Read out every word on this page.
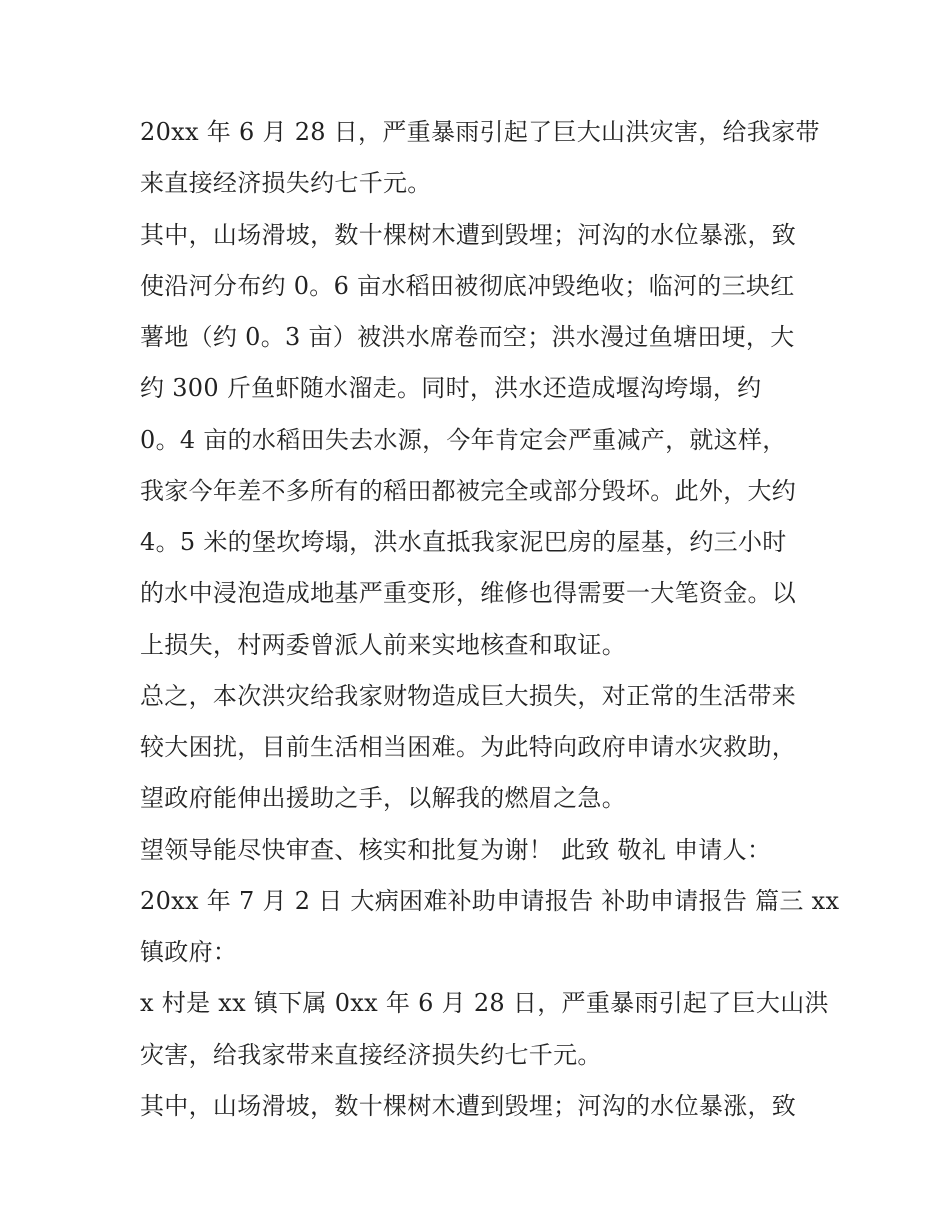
20xx 年 6 月 28 日，严重暴雨引起了巨大山洪灾害，给我家带
来直接经济损失约七千元。
其中，山场滑坡，数十棵树木遭到毁埋；河沟的水位暴涨，致
使沿河分布约 0。6 亩水稻田被彻底冲毁绝收；临河的三块红
薯地（约 0。3 亩）被洪水席卷而空；洪水漫过鱼塘田埂，大
约 300 斤鱼虾随水溜走。同时，洪水还造成堰沟垮塌，约
0。4 亩的水稻田失去水源，今年肯定会严重减产，就这样，
我家今年差不多所有的稻田都被完全或部分毁坏。此外，大约
4。5 米的堡坎垮塌，洪水直抵我家泥巴房的屋基，约三小时
的水中浸泡造成地基严重变形，维修也得需要一大笔资金。以
上损失，村两委曾派人前来实地核查和取证。
总之，本次洪灾给我家财物造成巨大损失，对正常的生活带来
较大困扰，目前生活相当困难。为此特向政府申请水灾救助，
望政府能伸出援助之手，以解我的燃眉之急。
望领导能尽快审查、核实和批复为谢！ 此致 敬礼 申请人：
20xx 年 7 月 2 日 大病困难补助申请报告 补助申请报告 篇三 xx
镇政府：
x 村是 xx 镇下属 0xx 年 6 月 28 日，严重暴雨引起了巨大山洪
灾害，给我家带来直接经济损失约七千元。
其中，山场滑坡，数十棵树木遭到毁埋；河沟的水位暴涨，致
